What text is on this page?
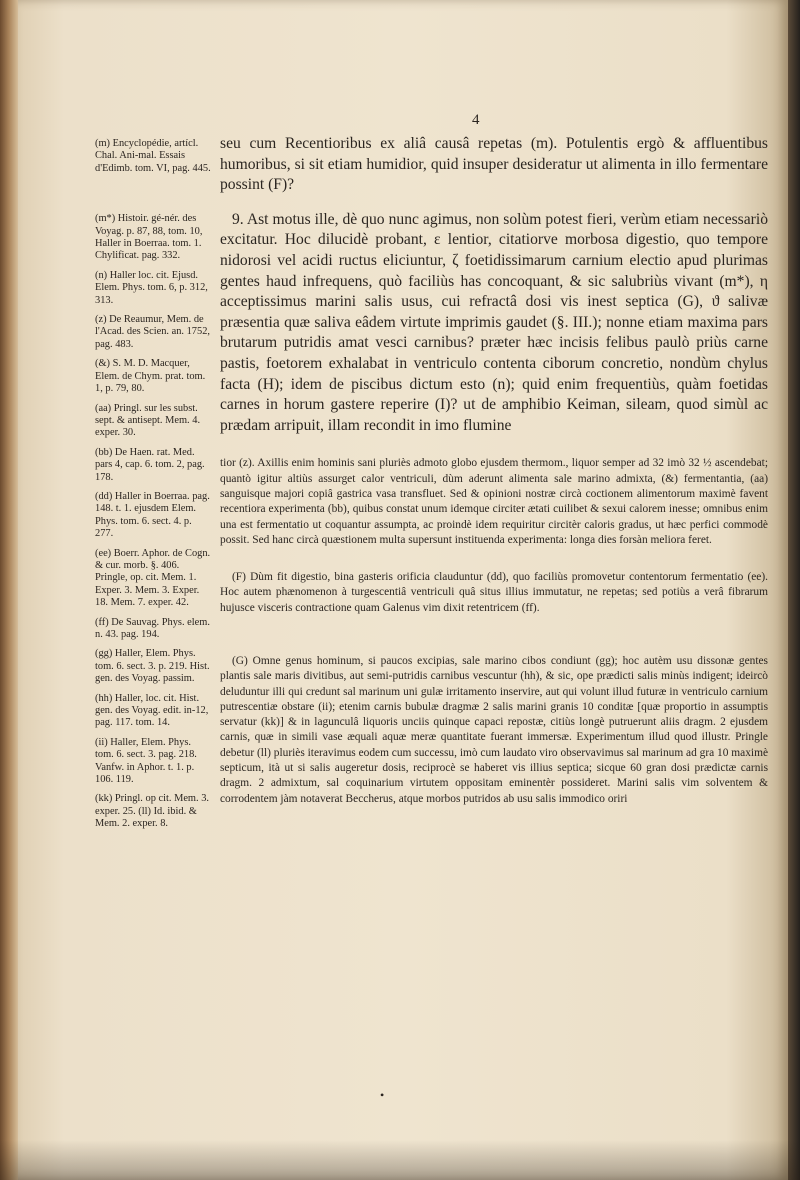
4

(m) Encyclopédie, artícl. Chal. Ani-mal. Essais d'Edimb. tom. VI, pag. 445.

(m*) Histoir. gé-nér. des Voyag. p. 87, 88, tom. 10, Haller in Boerraa. tom. 1. Chylificat. pag. 332.

(n) Haller loc. cit. Ejusd. Elem. Phys. tom. 6, p. 312, 313.

(z) De Reaumur, Mem. de l'Acad. des Scien. an. 1752, pag. 483.

(&) S. M. D. Macquer, Elem. de Chym. prat. tom. 1, p. 79, 80.

(aa) Pringl. sur les subst. sept. & antisept. Mem. 4. exper. 30.

(bb) De Haen. rat. Med. pars 4, cap. 6. tom. 2, pag. 178.

(dd) Haller in Boerraa. pag. 148. t. 1. ejusdem Elem. Phys. tom. 6. sect. 4. p. 277.

(ee) Boerr. Aphor. de Cogn. & cur. morb. §. 406. Pringle, op. cit. Mem. 1. Exper. 3. Mem. 3. Exper. 18. Mem. 7. exper. 42.

(ff) De Sauvag. Phys. elem. n. 43. pag. 194.

(gg) Haller, Elem. Phys. tom. 6. sect. 3. p. 219. Hist. gen. des Voyag. passim.

(hh) Haller, loc. cit. Hist. gen. des Voyag. edit. in-12, pag. 117. tom. 14.

(ii) Haller, Elem. Phys. tom. 6. sect. 3. pag. 218. Vanfw. in Aphor. t. 1. p. 106. 119.

(kk) Pringl. op cit. Mem. 3. exper. 25. (ll) Id. ibid. & Mem. 2. exper. 8.

seu cum Recentioribus ex aliâ causâ repetas (m). Potulentis ergò & affluentibus humoribus, si sit etiam humidior, quid insuper desideratur ut alimenta in illo fermentare possint (F)?

9. Ast motus ille, dè quo nunc agimus, non solùm potest fieri, verùm etiam necessariò excitatur. Hoc dilucidè probant, ε lentior, citatiorve morbosa digestio, quo tempore nidorosi vel acidi ructus eliciuntur, ζ foetidissimarum carnium electio apud plurimas gentes haud infrequens, quò faciliùs has concoquant, & sic salubriùs vivant (m*), η acceptissimus marini salis usus, cui refractâ dosi vis inest septica (G), ϑ salivæ præsentia quæ saliva eâdem virtute imprimis gaudet (§. III.); nonne etiam maxima pars brutarum putridis amat vesci carnibus? præter hæc incisis felibus paulò priùs carne pastis, foetorem exhalabat in ventriculo contenta ciborum concretio, nondùm chylus facta (H); idem de piscibus dictum esto (n); quid enim frequentiùs, quàm foetidas carnes in horum gastere reperire (I)? ut de amphibio Keiman, sileam, quod simùl ac prædam arripuit, illam recondit in imo flumine

tior (z). Axillis enim hominis sani pluriès admoto globo ejusdem thermom., liquor semper ad 32 imò 32 ½ ascendebat; quantò igitur altiùs assurget calor ventriculi, dùm aderunt alimenta sale marino admixta, (&) fermentantia, (aa) sanguisque majori copiâ gastrica vasa transfluet. Sed & opinioni nostræ circà coctionem alimentorum maximè favent recentiora experimenta (bb), quibus constat unum idemque circiter ætati cuilibet & sexui calorem inesse; omnibus enim una est fermentatio ut coquantur assumpta, ac proindè idem requiritur circitèr caloris gradus, ut hæc perfici commodè possit. Sed hanc circà quæstionem multa supersunt instituenda experimenta: longa dies forsàn meliora feret.

(F) Dùm fit digestio, bina gasteris orificia clauduntur (dd), quo faciliùs promovetur contentorum fermentatio (ee). Hoc autem phænomenon à turgescentiâ ventriculi quâ situs illius immutatur, ne repetas; sed potiùs a verâ fibrarum hujusce visceris contractione quam Galenus vim dixit retentricem (ff).

(G) Omne genus hominum, si paucos excipias, sale marino cibos condiunt (gg); hoc autèm usu dissonæ gentes plantis sale maris divitibus, aut semi-putridis carnibus vescuntur (hh), & sic, ope prædicti salis minùs indigent; ideircò deluduntur illi qui credunt sal marinum uni gulæ irritamento inservire, aut qui volunt illud futuræ in ventriculo carnium putrescentiæ obstare (ii); etenim carnis bubulæ dragmæ 2 salis marini granis 10 conditæ [quæ proportio in assumptis servatur (kk)] & in lagunculâ liquoris unciis quinque capaci repostæ, citiùs longè putruerunt aliis dragm. 2 ejusdem carnis, quæ in simili vase æquali aquæ meræ quantitate fuerant immersæ. Experimentum illud quod illustr. Pringle debetur (ll) pluriès iteravimus eodem cum successu, imò cum laudato viro observavimus sal marinum ad gra 10 maximè septicum, ità ut si salis augeretur dosis, reciprocè se haberet vis illius septica; sicque 60 gran dosi prædictæ carnis dragm. 2 admixtum, sal coquinarium virtutem oppositam eminentèr possideret. Marini salis vim solventem & corrodentem jàm notaverat Beccherus, atque morbos putridos ab usu salis immodico oriri

•
